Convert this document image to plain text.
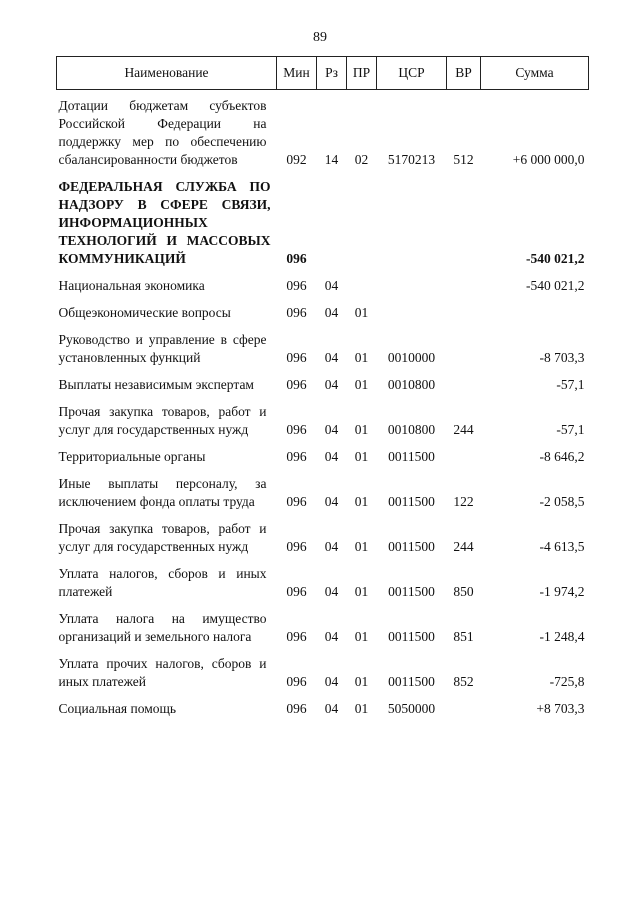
89
Наименование	Мин	Рз	ПР	ЦСР	ВР	Сумма
Дотации бюджетам субъектов Российской Федерации на поддержку мер по обеспечению сбалансированности бюджетов	092	14	02	5170213	512	+6 000 000,0
ФЕДЕРАЛЬНАЯ СЛУЖБА ПО НАДЗОРУ В СФЕРЕ СВЯЗИ, ИНФОРМАЦИОННЫХ ТЕХНОЛОГИЙ И МАССОВЫХ КОММУНИКАЦИЙ	096					-540 021,2
Национальная экономика	096	04				-540 021,2
Общеэкономические вопросы	096	04	01			
Руководство и управление в сфере установленных функций	096	04	01	0010000		-8 703,3
Выплаты независимым экспертам	096	04	01	0010800		-57,1
Прочая закупка товаров, работ и услуг для государственных нужд	096	04	01	0010800	244	-57,1
Территориальные органы	096	04	01	0011500		-8 646,2
Иные выплаты персоналу, за исключением фонда оплаты труда	096	04	01	0011500	122	-2 058,5
Прочая закупка товаров, работ и услуг для государственных нужд	096	04	01	0011500	244	-4 613,5
Уплата налогов, сборов и иных платежей	096	04	01	0011500	850	-1 974,2
Уплата налога на имущество организаций и земельного налога	096	04	01	0011500	851	-1 248,4
Уплата прочих налогов, сборов и иных платежей	096	04	01	0011500	852	-725,8
Социальная помощь	096	04	01	5050000		+8 703,3
